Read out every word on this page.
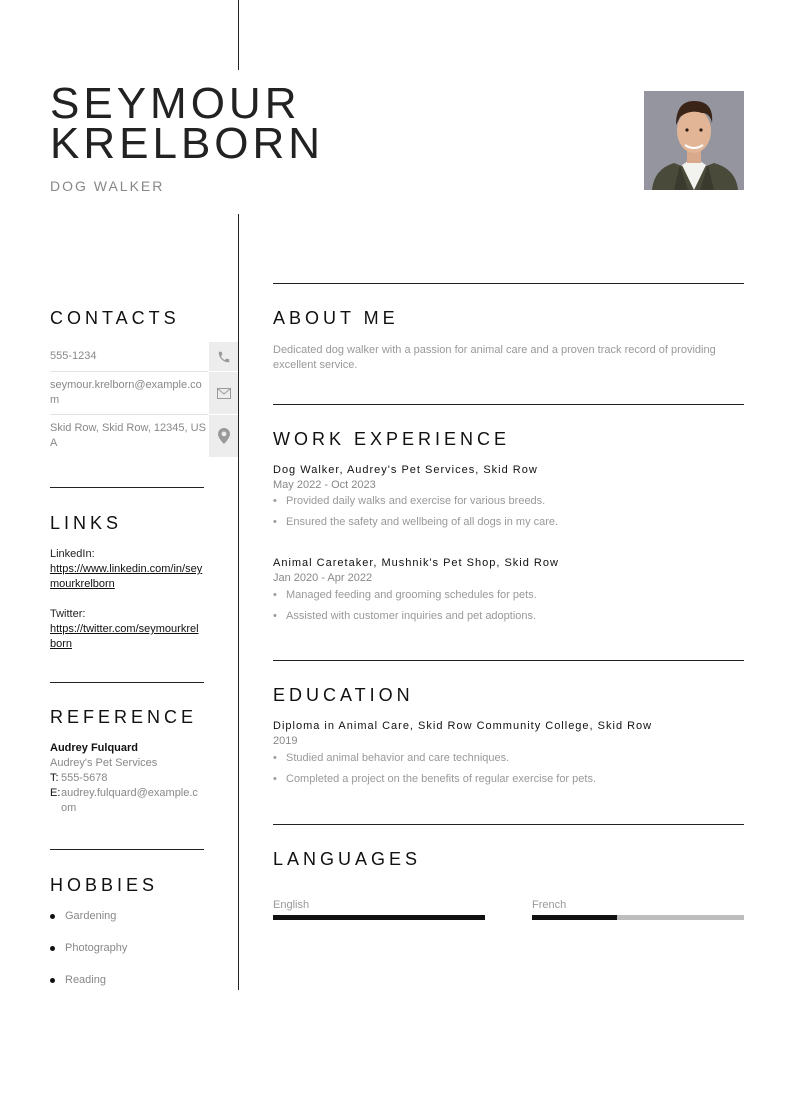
SEYMOUR
KRELBORN
DOG WALKER
CONTACTS
555-1234
seymour.krelborn@example.com
Skid Row, Skid Row, 12345, USA
LINKS
LinkedIn:
https://www.linkedin.com/in/seymourkrelborn
Twitter:
https://twitter.com/seymourkrelborn
REFERENCE
Audrey Fulquard
Audrey's Pet Services
T: 555-5678
E: audrey.fulquard@example.com
HOBBIES
Gardening
Photography
Reading
ABOUT ME
Dedicated dog walker with a passion for animal care and a proven track record of providing excellent service.
WORK EXPERIENCE
Dog Walker, Audrey's Pet Services, Skid Row
May 2022 - Oct 2023
• Provided daily walks and exercise for various breeds.
• Ensured the safety and wellbeing of all dogs in my care.
Animal Caretaker, Mushnik's Pet Shop, Skid Row
Jan 2020 - Apr 2022
• Managed feeding and grooming schedules for pets.
• Assisted with customer inquiries and pet adoptions.
EDUCATION
Diploma in Animal Care, Skid Row Community College, Skid Row
2019
• Studied animal behavior and care techniques.
• Completed a project on the benefits of regular exercise for pets.
LANGUAGES
English	French
